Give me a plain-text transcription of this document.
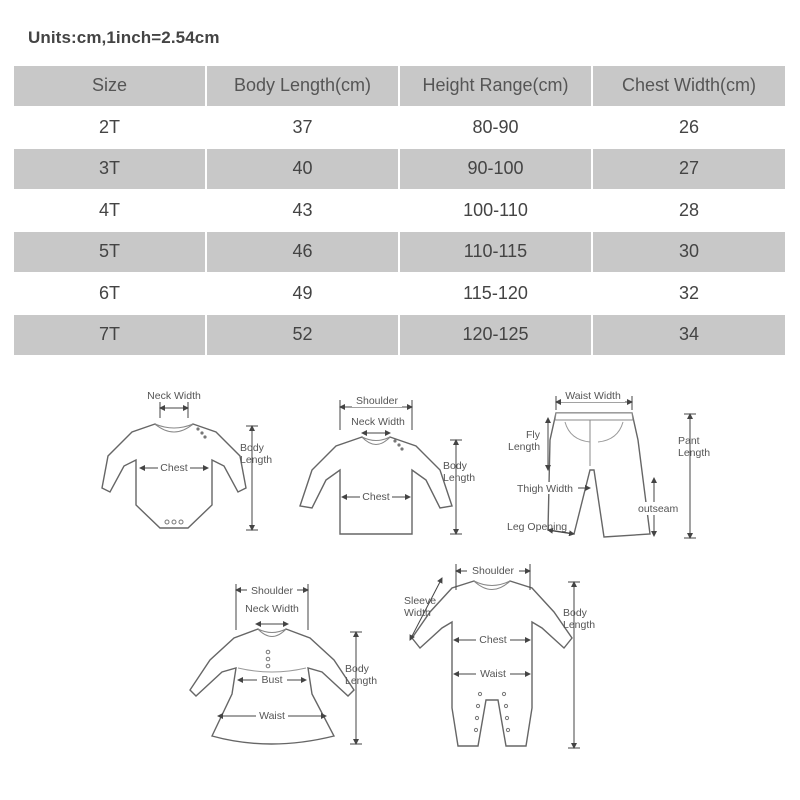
Units:cm,1inch=2.54cm
Size	Body Length(cm)	Height Range(cm)	Chest Width(cm)
2T	37	80-90	26
3T	40	90-100	27
4T	43	100-110	28
5T	46	110-115	30
6T	49	115-120	32
7T	52	120-125	34
Neck Width
Chest
Body
Length
Shoulder
Neck Width
Chest
Body
Length
Waist Width
Fly
Length	Pant
Length
Thigh Width
outseam
Leg Opening
Shoulder
Neck Width
Bust
Waist
Body
Length
Shoulder
Sleeve
Width
Chest
Waist
Body
Length
